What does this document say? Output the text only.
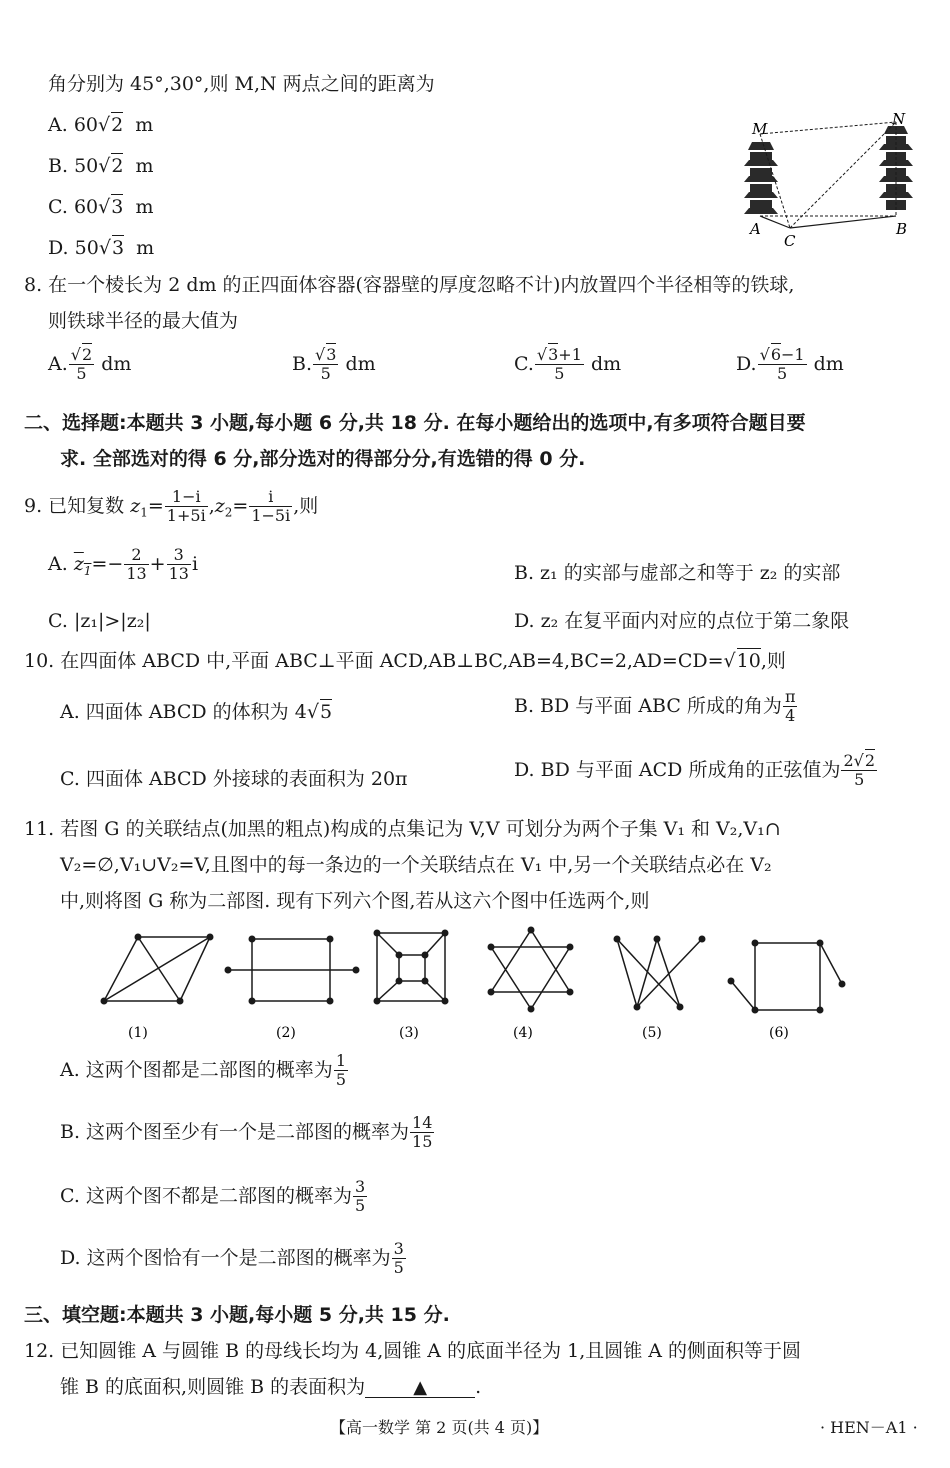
角分别为 45°,30°,则 M,N 两点之间的距离为
A. 60√2 m
B. 50√2 m
C. 60√3 m
D. 50√3 m
M
N
A
C
B
8. 在一个棱长为 2 dm 的正四面体容器(容器壁的厚度忽略不计)内放置四个半径相等的铁球,
则铁球半径的最大值为
A. $\frac{√2}{5}$ dm	B. $\frac{√3}{5}$ dm	C. $\frac{√3+1}{5}$ dm	D. $\frac{√6-1}{5}$ dm
二、选择题:本题共 3 小题,每小题 6 分,共 18 分. 在每小题给出的选项中,有多项符合题目要
求. 全部选对的得 6 分,部分选对的得部分分,有选错的得 0 分.
9. 已知复数 $z_1= \frac{1-i}{1+5i} ,z_2= \frac{i}{1-5i}$ ,则
A. $z_1=- \frac{2}{13} + \frac{3}{13}$ i	B. z₁ 的实部与虚部之和等于 z₂ 的实部
C. |z₁|>|z₂|	D. z₂ 在复平面内对应的点位于第二象限
10. 在四面体 ABCD 中,平面 ABC⊥平面 ACD,AB⊥BC,AB=4,BC=2,AD=CD=√10,则
A. 四面体 ABCD 的体积为 4√5	B. BD 与平面 ABC 所成的角为 $\frac{\pi}{4}$
C. 四面体 ABCD 外接球的表面积为 20π	D. BD 与平面 ACD 所成角的正弦值为 $\frac{2√2}{5}$
11. 若图 G 的关联结点(加黑的粗点)构成的点集记为 V,V 可划分为两个子集 V₁ 和 V₂,V₁∩
V₂=∅,V₁∪V₂=V,且图中的每一条边的一个关联结点在 V₁ 中,另一个关联结点必在 V₂
中,则将图 G 称为二部图. 现有下列六个图,若从这六个图中任选两个,则
(1)	(2)	(3)	(4)	(5)	(6)
A. 这两个图都是二部图的概率为 $\frac{1}{5}$
B. 这两个图至少有一个是二部图的概率为 $\frac{14}{15}$
C. 这两个图不都是二部图的概率为 $\frac{3}{5}$
D. 这两个图恰有一个是二部图的概率为 $\frac{3}{5}$
三、填空题:本题共 3 小题,每小题 5 分,共 15 分.
12. 已知圆锥 A 与圆锥 B 的母线长均为 4,圆锥 A 的底面半径为 1,且圆锥 A 的侧面积等于圆
锥 B 的底面积,则圆锥 B 的表面积为	▲	.
【高一数学 第 2 页(共 4 页)】	· HEN－A1 ·
